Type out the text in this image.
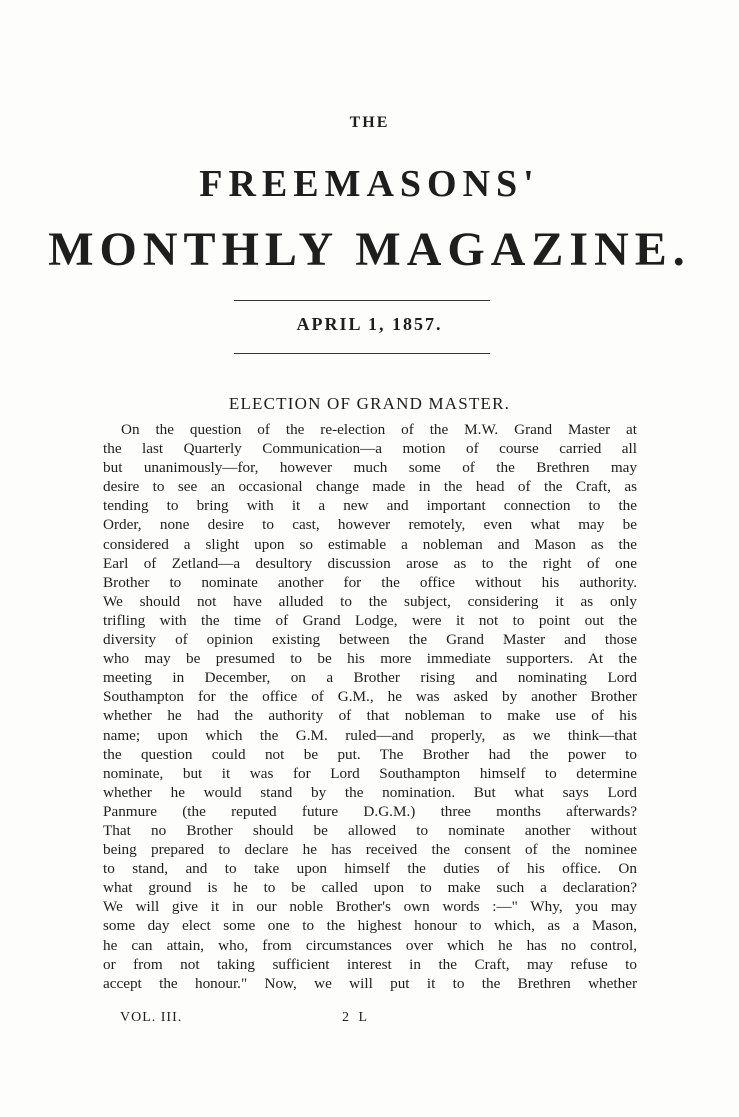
THE
FREEMASONS'
MONTHLY MAGAZINE.
APRIL 1, 1857.
ELECTION OF GRAND MASTER.
On the question of the re-election of the M.W. Grand Master at
the last Quarterly Communication—a motion of course carried all
but unanimously—for, however much some of the Brethren may
desire to see an occasional change made in the head of the Craft, as
tending to bring with it a new and important connection to the
Order, none desire to cast, however remotely, even what may be
considered a slight upon so estimable a nobleman and Mason as the
Earl of Zetland—a desultory discussion arose as to the right of one
Brother to nominate another for the office without his authority.
We should not have alluded to the subject, considering it as only
trifling with the time of Grand Lodge, were it not to point out the
diversity of opinion existing between the Grand Master and those
who may be presumed to be his more immediate supporters. At the
meeting in December, on a Brother rising and nominating Lord
Southampton for the office of G.M., he was asked by another Brother
whether he had the authority of that nobleman to make use of his
name; upon which the G.M. ruled—and properly, as we think—that
the question could not be put. The Brother had the power to
nominate, but it was for Lord Southampton himself to determine
whether he would stand by the nomination. But what says Lord
Panmure (the reputed future D.G.M.) three months afterwards?
That no Brother should be allowed to nominate another without
being prepared to declare he has received the consent of the nominee
to stand, and to take upon himself the duties of his office. On
what ground is he to be called upon to make such a declaration?
We will give it in our noble Brother's own words :—" Why, you may
some day elect some one to the highest honour to which, as a Mason,
he can attain, who, from circumstances over which he has no control,
or from not taking sufficient interest in the Craft, may refuse to
accept the honour." Now, we will put it to the Brethren whether
VOL. III.	2 L
